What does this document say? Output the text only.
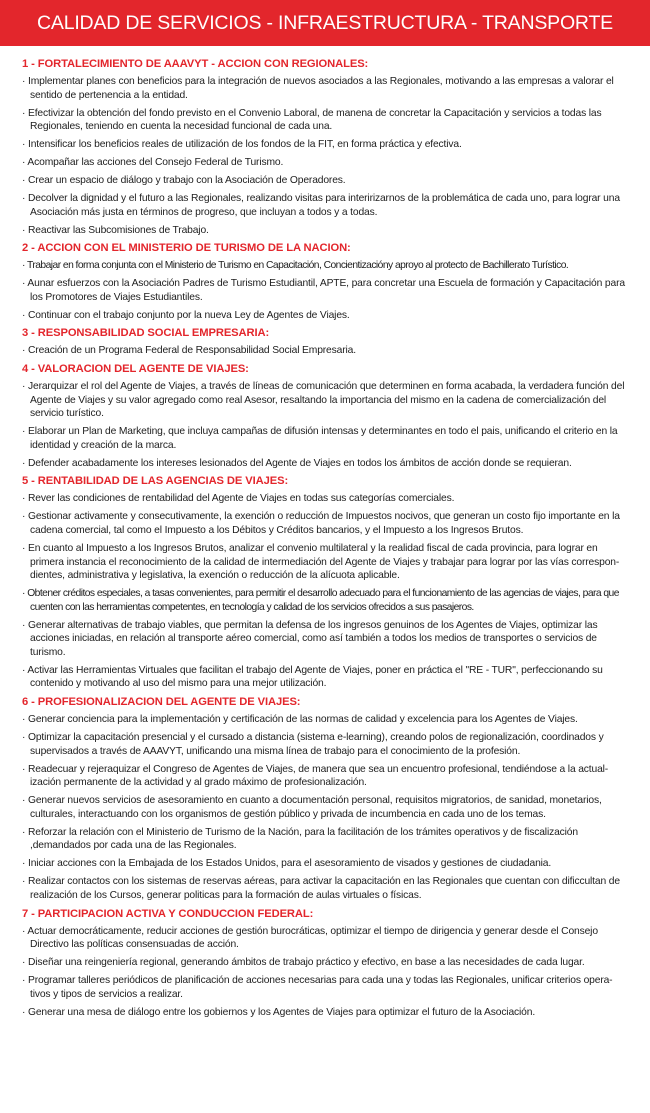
CALIDAD DE SERVICIOS - INFRAESTRUCTURA - TRANSPORTE
1 - FORTALECIMIENTO DE AAAVYT - ACCION CON REGIONALES:
· Implementar planes con beneficios para la integración de nuevos asociados a las Regionales, motivando a las empresas a valorar el sentido de pertenencia a la entidad.
· Efectivizar la obtención del fondo previsto en el Convenio Laboral, de manena de concretar la Capacitación y servicios a todas las Regionales, teniendo en cuenta la necesidad funcional de cada una.
· Intensificar los beneficios reales de utilización de los fondos de la FIT, en forma práctica y efectiva.
· Acompañar las acciones del Consejo Federal de Turismo.
· Crear un espacio de diálogo y trabajo con la Asociación de Operadores.
· Decolver la dignidad y el futuro a las Regionales, realizando visitas para interirizarnos de la problemática de cada uno, para lograr una Asociación más justa en términos de progreso, que incluyan a todos y a todas.
· Reactivar las Subcomisiones de Trabajo.
2 - ACCION CON EL MINISTERIO DE TURISMO DE LA NACION:
· Trabajar en forma conjunta con el Ministerio de Turismo en Capacitación, Concientizacióny aproyo al protecto de Bachillerato Turístico.
· Aunar esfuerzos con la Asociación Padres de Turismo Estudiantil, APTE, para concretar una Escuela de formación y Capacitación para los Promotores de Viajes Estudiantiles.
· Continuar con el trabajo conjunto por la nueva Ley de Agentes de Viajes.
3 - RESPONSABILIDAD SOCIAL EMPRESARIA:
· Creación de un Programa Federal de Responsabilidad Social Empresaria.
4 - VALORACION DEL AGENTE DE VIAJES:
· Jerarquizar el rol del Agente de Viajes, a través de líneas de comunicación que determinen en forma acabada, la verdadera función del Agente de Viajes y su valor agregado como real Asesor, resaltando la importancia del mismo en la cadena de comercialización del servicio turístico.
· Elaborar un Plan de Marketing, que incluya campañas de difusión intensas y determinantes en todo el pais, unificando el criterio en la identidad y creación de la marca.
· Defender acabadamente los intereses lesionados del Agente de Viajes en todos los ámbitos de acción donde se requieran.
5 - RENTABILIDAD DE LAS AGENCIAS DE VIAJES:
· Rever las condiciones de rentabilidad del Agente de Viajes en todas sus categorías comerciales.
· Gestionar activamente y consecutivamente, la exención o reducción de Impuestos nocivos, que generan un costo fijo importante en la cadena comercial, tal como el Impuesto a los Débitos y Créditos bancarios, y el Impuesto a los Ingresos Brutos.
· En cuanto al Impuesto a los Ingresos Brutos, analizar el convenio multilateral y la realidad fiscal de cada provincia, para lograr en primera instancia el reconocimiento de la calidad de intermediación del Agente de Viajes y trabajar para lograr por las vías correspon-dientes, administrativa y legislativa, la exención o reducción de la alícuota aplicable.
· Obtener créditos especiales, a tasas convenientes, para permitir el desarrollo adecuado para el funcionamiento de las agencias de viajes, para que cuenten con las herramientas competentes, en tecnología y calidad de los servicios ofrecidos a sus pasajeros.
· Generar alternativas de trabajo viables, que permitan la defensa de los ingresos genuinos de los Agentes de Viajes, optimizar las acciones iniciadas, en relación al transporte aéreo comercial, como así también a todos los medios de transportes o servicios de turismo.
· Activar las Herramientas Virtuales que facilitan el trabajo del Agente de Viajes, poner en práctica el "RE - TUR", perfeccionando su contenido y motivando al uso del mismo para una mejor utilización.
6 - PROFESIONALIZACION DEL AGENTE DE VIAJES:
· Generar conciencia para la implementación y certificación de las normas de calidad y excelencia para los Agentes de Viajes.
· Optimizar la capacitación presencial y el cursado a distancia (sistema e-learning), creando polos de regionalización, coordinados y supervisados a través de AAAVYT, unificando una misma línea de trabajo para el conocimiento de la profesión.
· Readecuar y rejeraquizar el Congreso de Agentes de Viajes, de manera que sea un encuentro profesional, tendiéndose a la actual-ización permanente de la actividad y al grado máximo de profesionalización.
· Generar nuevos servicios de asesoramiento en cuanto a documentación personal, requisitos migratorios, de sanidad, monetarios, culturales, interactuando con los organismos de gestión público y privada de incumbencia en cada uno de los temas.
· Reforzar la relación con el Ministerio de Turismo de la Nación, para la facilitación de los trámites operativos y de fiscalización ,demandados por cada una de las Regionales.
· Iniciar acciones con la Embajada de los Estados Unidos, para el asesoramiento de visados y gestiones de ciudadania.
· Realizar contactos con los sistemas de reservas aéreas, para activar la capacitación en las Regionales que cuentan con dificcultan de realización de los Cursos, generar politicas para la formación de aulas virtuales o físicas.
7 - PARTICIPACION ACTIVA Y CONDUCCION FEDERAL:
· Actuar democráticamente, reducir acciones de gestión burocráticas, optimizar el tiempo de dirigencia y generar desde el Consejo Directivo las políticas consensuadas de acción.
· Diseñar una reingeniería regional, generando ámbitos de trabajo práctico y efectivo, en base a las necesidades de cada lugar.
· Programar talleres periódicos de planificación de acciones necesarias para cada una y todas las Regionales, unificar criterios opera-tivos y tipos de servicios a realizar.
· Generar una mesa de diálogo entre los gobiernos y los Agentes de Viajes para optimizar el futuro de la Asociación.
